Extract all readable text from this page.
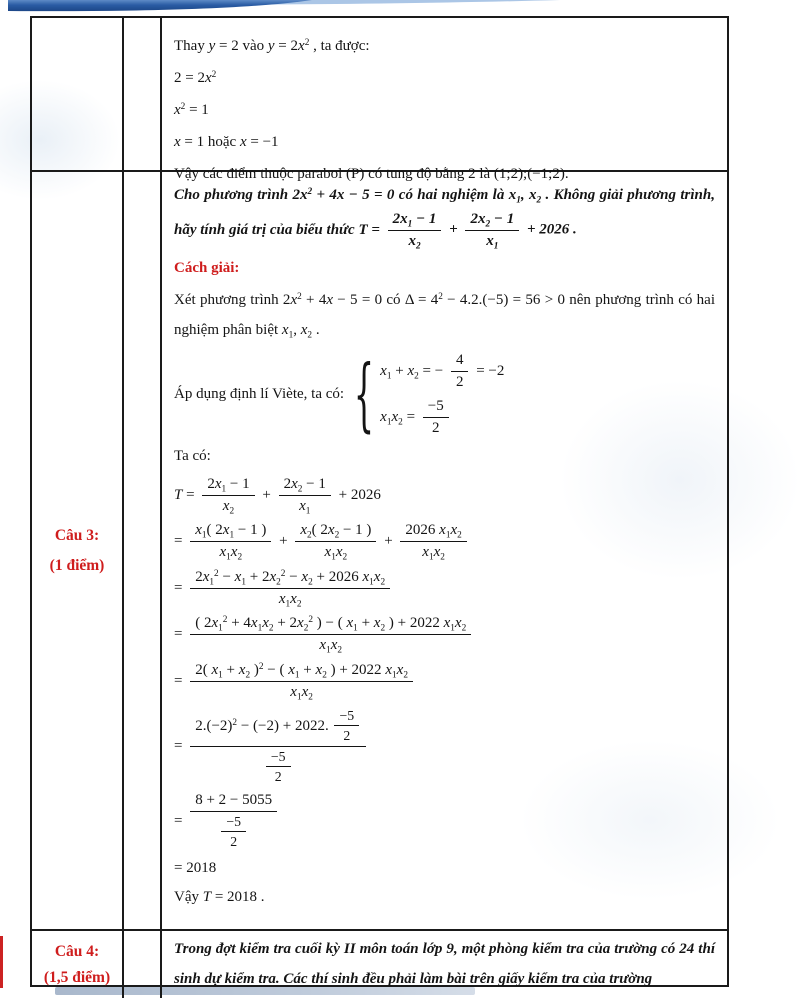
Thay y = 2 vào $y = 2x^2$ , ta được:
$2 = 2x^2$
$x^2 = 1$
x = 1 hoặc x = −1
Vậy các điểm thuộc parabol (P) có tung độ bằng 2 là (1;2);(−1;2).
Câu 3:
(1 điểm)
Cho phương trình $2x^2 + 4x - 5 = 0$ có hai nghiệm là $x_1$, $x_2$ . Không giải phương trình, hãy tính giá trị của biểu thức $T = \frac{2x_1 - 1}{x_2} + \frac{2x_2 - 1}{x_1} + 2026$ .
Cách giải:
Xét phương trình $2x^2 + 4x - 5 = 0$ có $\Delta = 4^2 - 4.2.(-5) = 56 > 0$ nên phương trình có hai nghiệm phân biệt $x_1$, $x_2$ .
Áp dụng định lí Viète, ta có: { $x_1 + x_2$ = − $\frac{4}{2} = -2$
$x_1x_2 = \frac{-5}{2}$
Ta có:
$T = \frac{2x_1 - 1}{x_2} + \frac{2x_2 - 1}{x_1} + 2026$
= $\frac{x_1( 2x_1 - 1 )}{x_1x_2} + \frac{x_2( 2x_2 - 1 )}{x_1x_2} + \frac{2026 x_1x_2}{x_1x_2}$
= $\frac{2x_1^2 - x_1 + 2x_2^2 - x_2 + 2026 x_1x_2}{x_1x_2}$
= $\frac{( 2x_1^2 + 4x_1x_2 + 2x_2^2 ) - ( x_1 + x_2 ) + 2022 x_1x_2}{x_1x_2}$
= $\frac{2( x_1 + x_2 )^2 - ( x_1 + x_2 ) + 2022 x_1x_2}{x_1x_2}$
= $\frac{2.(-2)^2 - (-2) + 2022. \frac{-5}{2}}{\frac{-5}{2}}$
= $\frac{8 + 2 - 5055}{\frac{-5}{2}}$
= 2018
Vậy T = 2018 .
Câu 4:
(1,5 điểm)
Trong đợt kiểm tra cuối kỳ II môn toán lớp 9, một phòng kiểm tra của trường có 24 thí sinh dự kiểm tra. Các thí sinh đều phải làm bài trên giấy kiểm tra của trường
